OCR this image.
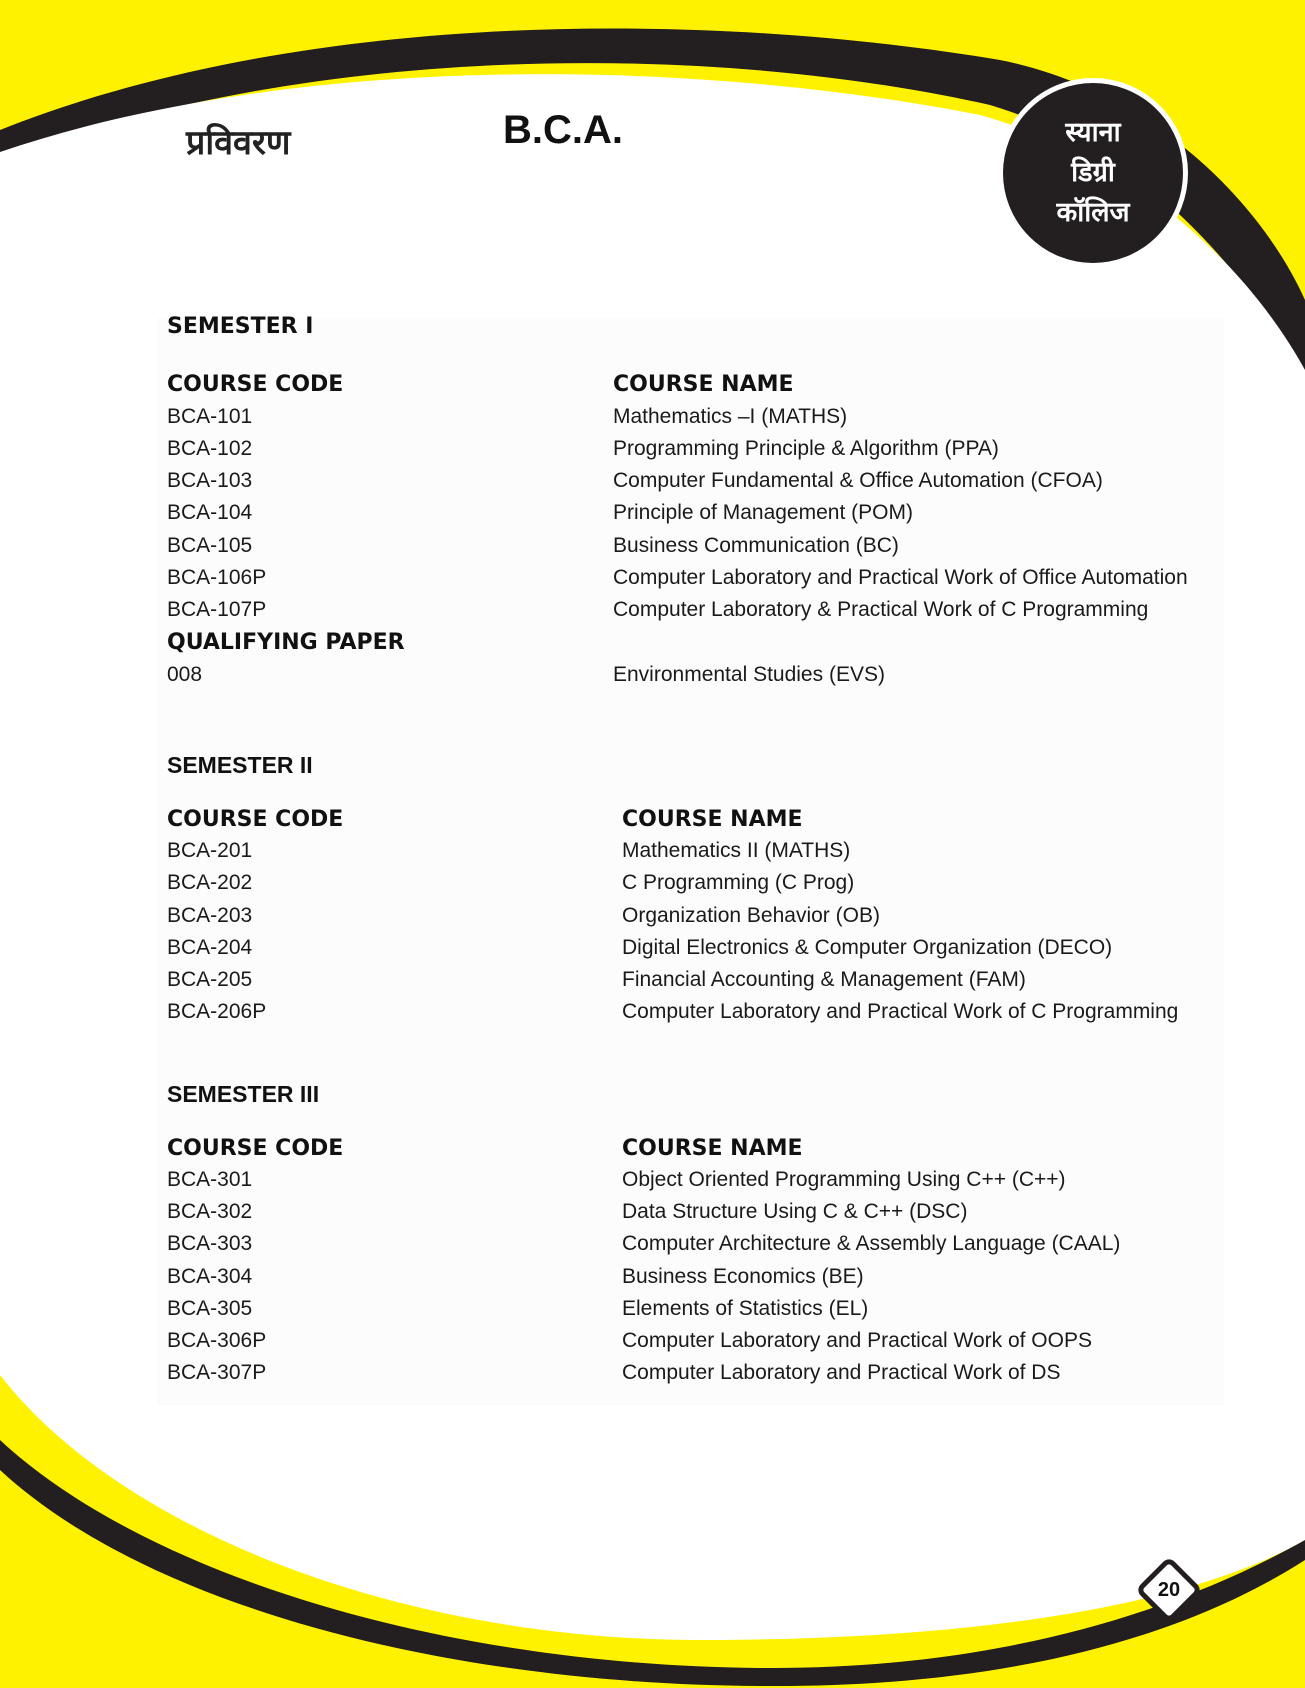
प्रविवरण	B.C.A.	स्याना
डिग्री
कॉलिज
SEMESTER I
COURSE CODE	COURSE NAME
BCA-101	Mathematics –I (MATHS)
BCA-102	Programming Principle & Algorithm (PPA)
BCA-103	Computer Fundamental & Office Automation (CFOA)
BCA-104	Principle of Management (POM)
BCA-105	Business Communication (BC)
BCA-106P	Computer Laboratory and Practical Work of Office Automation
BCA-107P	Computer Laboratory & Practical Work of C Programming
QUALIFYING PAPER
008	Environmental Studies (EVS)
SEMESTER II
COURSE CODE	COURSE NAME
BCA-201	Mathematics II (MATHS)
BCA-202	C Programming (C Prog)
BCA-203	Organization Behavior (OB)
BCA-204	Digital Electronics & Computer Organization (DECO)
BCA-205	Financial Accounting & Management (FAM)
BCA-206P	Computer Laboratory and Practical Work of C Programming
SEMESTER III
COURSE CODE	COURSE NAME
BCA-301	Object Oriented Programming Using C++ (C++)
BCA-302	Data Structure Using C & C++ (DSC)
BCA-303	Computer Architecture & Assembly Language (CAAL)
BCA-304	Business Economics (BE)
BCA-305	Elements of Statistics (EL)
BCA-306P	Computer Laboratory and Practical Work of OOPS
BCA-307P	Computer Laboratory and Practical Work of DS
20
